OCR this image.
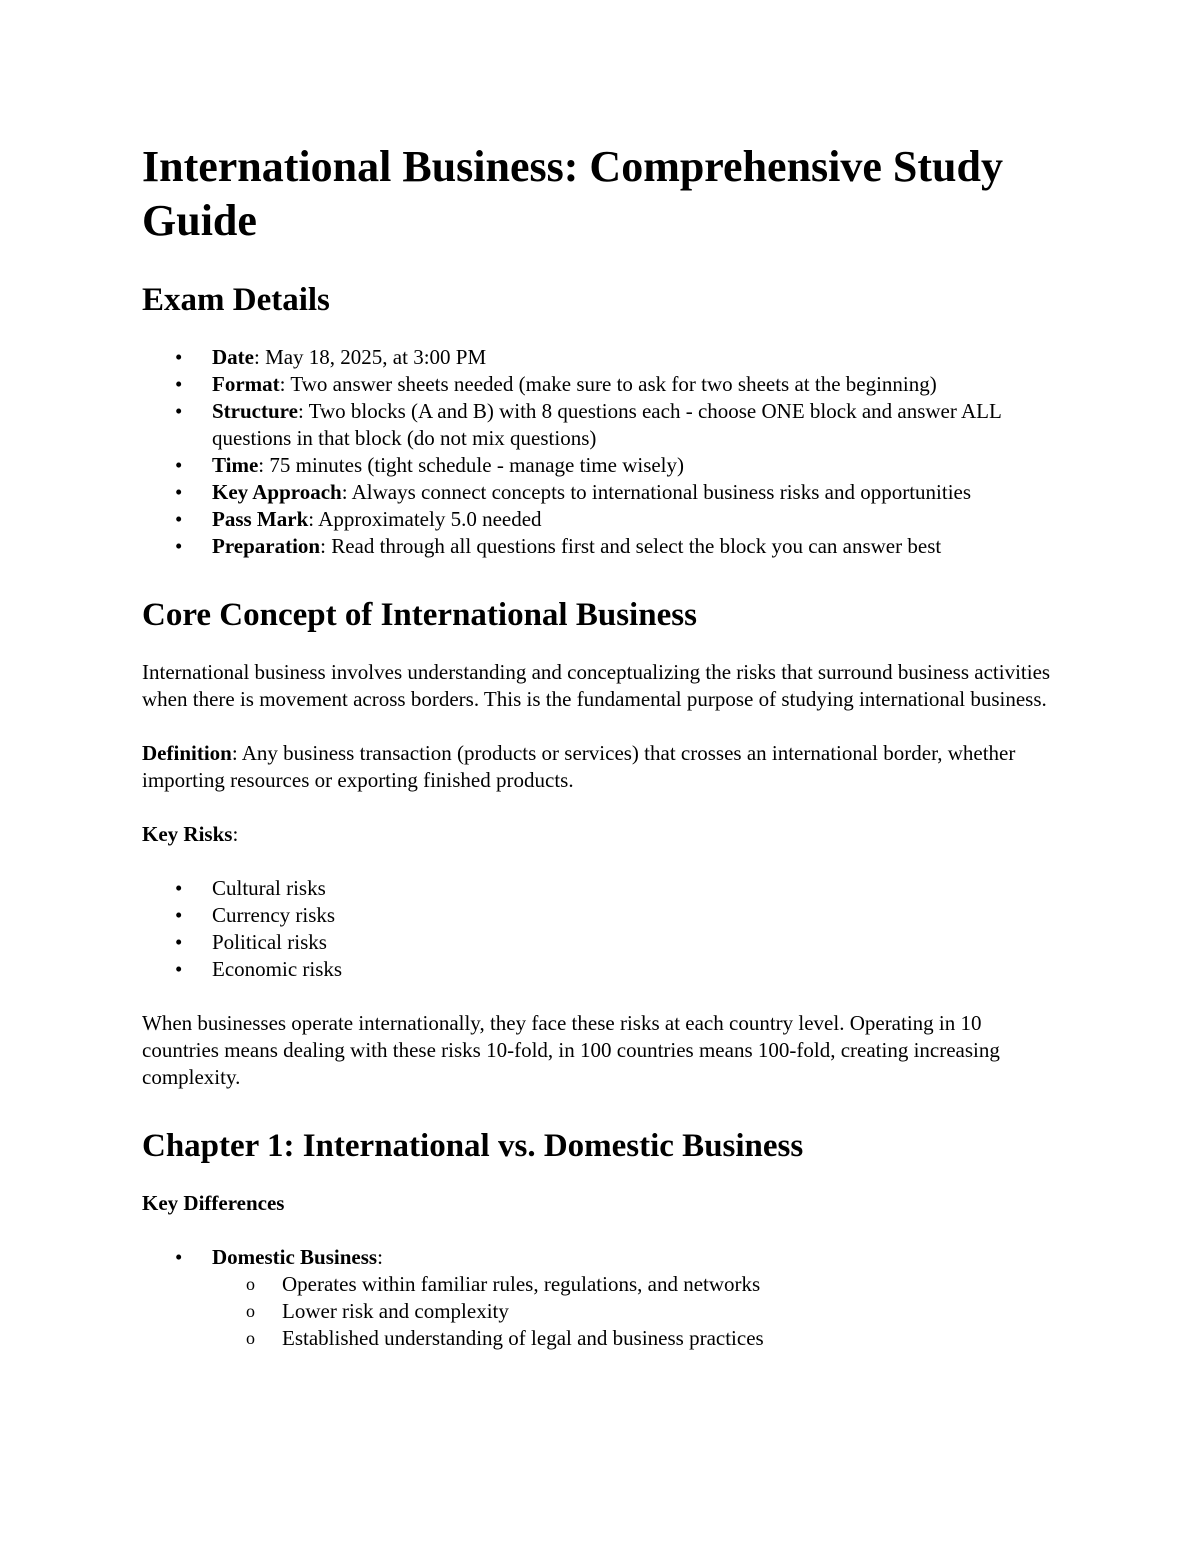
International Business: Comprehensive Study Guide
Exam Details
• Date: May 18, 2025, at 3:00 PM
• Format: Two answer sheets needed (make sure to ask for two sheets at the beginning)
• Structure: Two blocks (A and B) with 8 questions each - choose ONE block and answer ALL questions in that block (do not mix questions)
• Time: 75 minutes (tight schedule - manage time wisely)
• Key Approach: Always connect concepts to international business risks and opportunities
• Pass Mark: Approximately 5.0 needed
• Preparation: Read through all questions first and select the block you can answer best
Core Concept of International Business

International business involves understanding and conceptualizing the risks that surround business activities when there is movement across borders. This is the fundamental purpose of studying international business.

Definition: Any business transaction (products or services) that crosses an international border, whether importing resources or exporting finished products.

Key Risks:

• Cultural risks
• Currency risks
• Political risks
• Economic risks

When businesses operate internationally, they face these risks at each country level. Operating in 10 countries means dealing with these risks 10-fold, in 100 countries means 100-fold, creating increasing complexity.

Chapter 1: International vs. Domestic Business

Key Differences

• Domestic Business:
o Operates within familiar rules, regulations, and networks
o Lower risk and complexity
o Established understanding of legal and business practices
